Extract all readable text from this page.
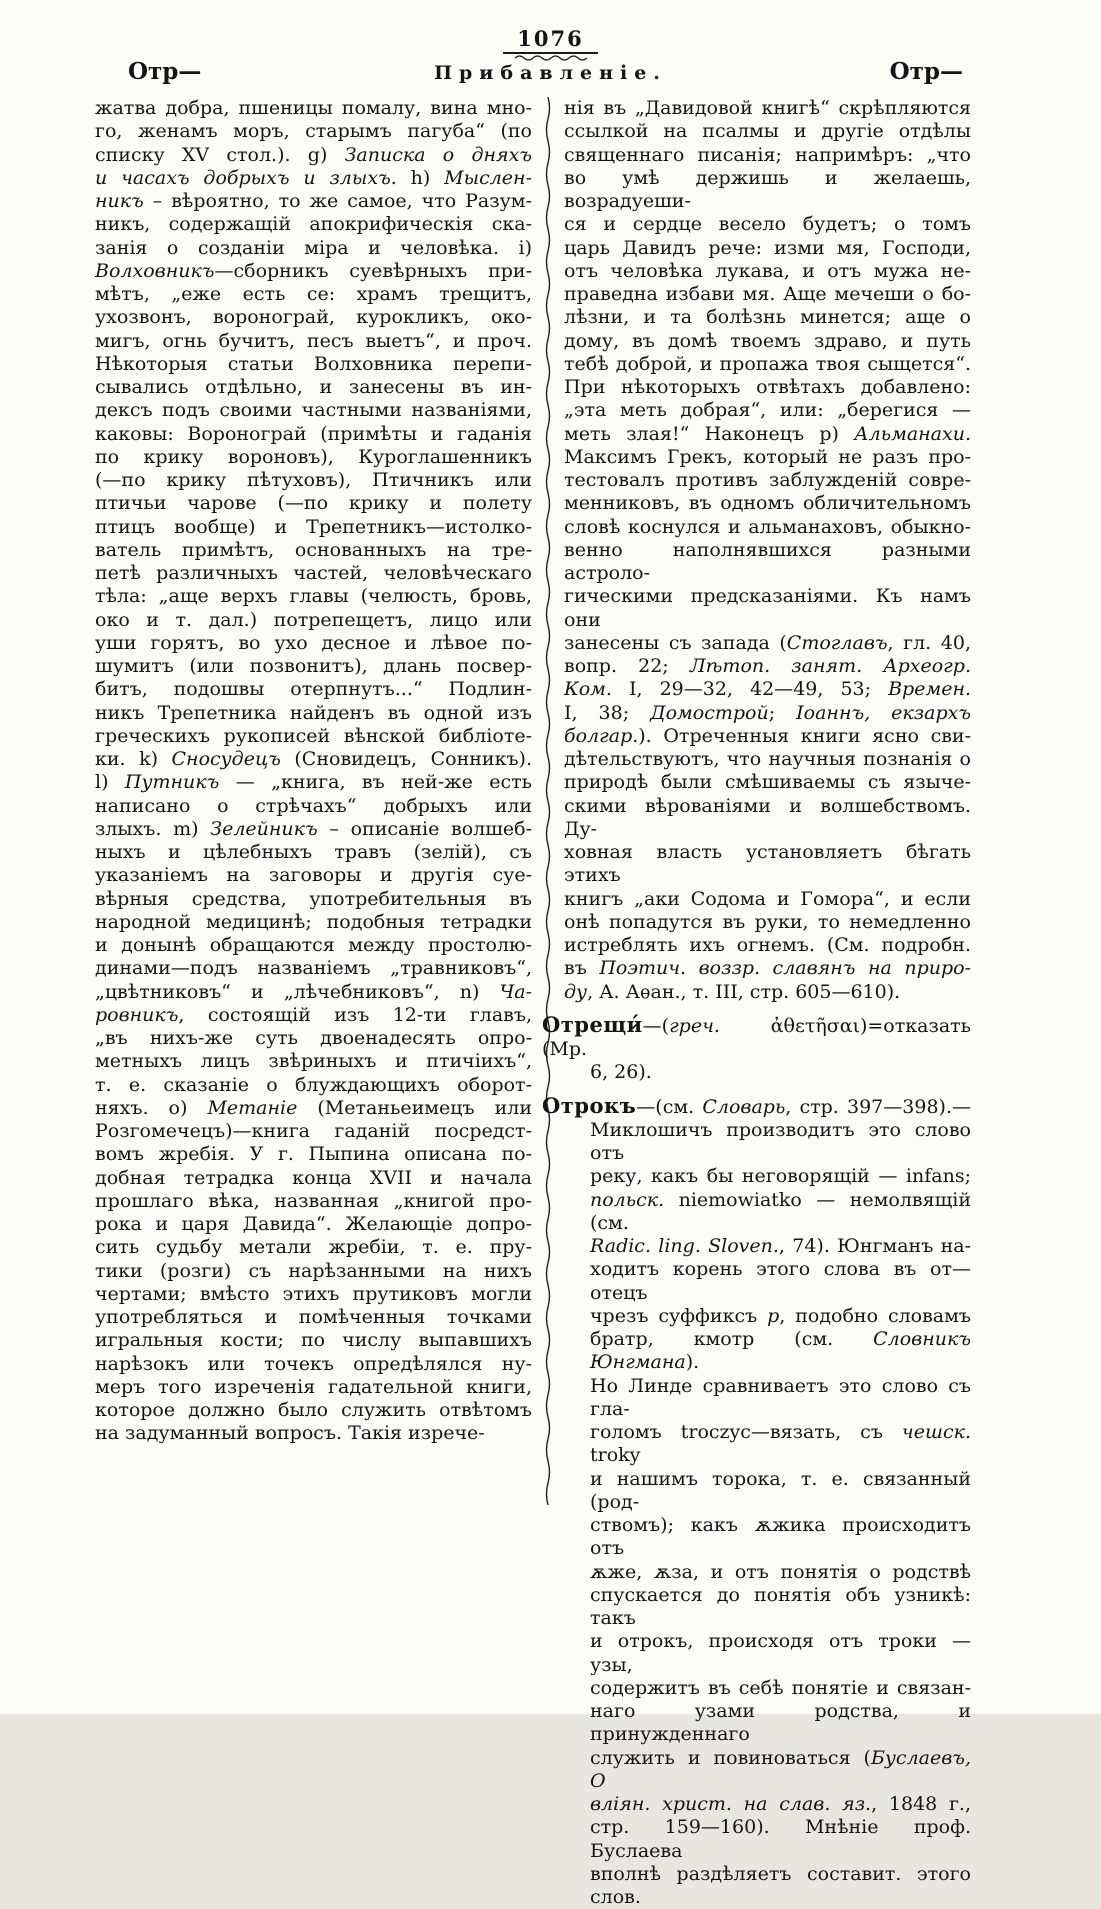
1076
Отр—	Прибавленіе.	Отр—
жатва добра, пшеницы помалу, вина мно-
го, женамъ моръ, старымъ пагуба“ (по
списку XV стол.). g) Записка о дняхъ
и часахъ добрыхъ и злыхъ. h) Мыслен-
никъ – вѣроятно, то же самое, что Разум-
никъ, содержащій апокрифическія ска-
занія о созданіи міра и человѣка. i)
Волховникъ—сборникъ суевѣрныхъ при-
мѣтъ, „еже есть се: храмъ трещитъ,
ухозвонъ, воронограй, курокликъ, око-
мигъ, огнь бучитъ, песъ выетъ“, и проч.
Нѣкоторыя статьи Волховника перепи-
сывались отдѣльно, и занесены въ ин-
дексъ подъ своими частными названіями,
каковы: Воронограй (примѣты и гаданія
по крику вороновъ), Куроглашенникъ
(—по крику пѣтуховъ), Птичникъ или
птичьи чарове (—по крику и полету
птицъ вообще) и Трепетникъ—истолко-
ватель примѣтъ, основанныхъ на тре-
петѣ различныхъ частей, человѣческаго
тѣла: „аще верхъ главы (челюсть, бровь,
око и т. дал.) потрепещетъ, лицо или
уши горятъ, во ухо десное и лѣвое по-
шумитъ (или позвонитъ), длань посвер-
битъ, подошвы отерпнутъ...“ Подлин-
никъ Трепетника найденъ въ одной изъ
греческихъ рукописей вѣнской библіоте-
ки. k) Сносудецъ (Сновидецъ, Сонникъ).
l) Путникъ — „книга, въ ней-же есть
написано о стрѣчахъ“ добрыхъ или
злыхъ. m) Зелейникъ – описаніе волшеб-
ныхъ и цѣлебныхъ травъ (зелій), съ
указаніемъ на заговоры и другія суе-
вѣрныя средства, употребительныя въ
народной медицинѣ; подобныя тетрадки
и донынѣ обращаются между простолю-
динами—подъ названіемъ „травниковъ“,
„цвѣтниковъ“ и „лѣчебниковъ“, n) Ча-
ровникъ, состоящій изъ 12-ти главъ,
„въ нихъ-же суть двоенадесять опро-
метныхъ лицъ звѣриныхъ и птичіихъ“,
т. е. сказаніе о блуждающихъ оборот-
няхъ. о) Метаніе (Метаньеимецъ или
Розгомечецъ)—книга гаданій посредст-
вомъ жребія. У г. Пыпина описана по-
добная тетрадка конца XVII и начала
прошлаго вѣка, названная „книгой про-
рока и царя Давида“. Желающіе допро-
сить судьбу метали жребіи, т. е. пру-
тики (розги) съ нарѣзанными на нихъ
чертами; вмѣсто этихъ прутиковъ могли
употребляться и помѣченныя точками
игральныя кости; по числу выпавшихъ
нарѣзокъ или точекъ опредѣлялся ну-
меръ того изреченія гадательной книги,
которое должно было служить отвѣтомъ
на задуманный вопросъ. Такія изрече-
нія въ „Давидовой книгѣ“ скрѣпляются
ссылкой на псалмы и другіе отдѣлы
священнаго писанія; напримѣръ: „что
во умѣ держишь и желаешь, возрадуеши-
ся и сердце весело будетъ; о томъ
царь Давидъ рече: изми мя, Господи,
отъ человѣка лукава, и отъ мужа не-
праведна избави мя. Аще мечеши о бо-
лѣзни, и та болѣзнь минется; аще о
дому, въ домѣ твоемъ здраво, и путь
тебѣ доброй, и пропажа твоя сыщется“.
При нѣкоторыхъ отвѣтахъ добавлено:
„эта меть добрая“, или: „берегися —
меть злая!“ Наконецъ p) Альманахи.
Максимъ Грекъ, который не разъ про-
тестовалъ противъ заблужденій совре-
менниковъ, въ одномъ обличительномъ
словѣ коснулся и альманаховъ, обыкно-
венно наполнявшихся разными астроло-
гическими предсказаніями. Къ намъ они
занесены съ запада (Стоглавъ, гл. 40,
вопр. 22; Лѣтоп. занят. Археогр.
Ком. I, 29—32, 42—49, 53; Времен.
I, 38; Домострой; Іоаннъ, екзархъ
болгар.). Отреченныя книги ясно сви-
дѣтельствуютъ, что научныя познанія о
природѣ были смѣшиваемы съ языче-
скими вѣрованіями и волшебствомъ. Ду-
ховная власть установляетъ бѣгать этихъ
книгъ „аки Содома и Гомора“, и если
онѣ попадутся въ руки, то немедленно
истреблять ихъ огнемъ. (См. подробн.
въ Поэтич. воззр. славянъ на приро-
ду, А. Аѳан., т. III, стр. 605—610).
Отрещи́—(греч. ἀθετῆσαι)=отказать (Мр.
6, 26).
Отрокъ—(см. Словарь, стр. 397—398).—
Миклошичъ производитъ это слово отъ
реку, какъ бы неговорящій — infans;
польск. niemowiatko — немолвящій (см.
Radic. ling. Sloven., 74). Юнгманъ на-
ходитъ корень этого слова въ от—отецъ
чрезъ суффиксъ р, подобно словамъ
братр, кмотр (см. Словникъ Юнгмана).
Но Линде сравниваетъ это слово съ гла-
голомъ troczyc—вязать, съ чешск. troky
и нашимъ торока, т. е. связанный (род-
ствомъ); какъ ѫжика происходитъ отъ
ѫже, ѫза, и отъ понятія о родствѣ
спускается до понятія объ узникѣ: такъ
и отрокъ, происходя отъ троки — узы,
содержитъ въ себѣ понятіе и связан-
наго узами родства, и принужденнаго
служить и повиноваться (Буслаевъ, О
вліян. христ. на слав. яз., 1848 г.,
стр. 159—160). Мнѣніе проф. Буслаева
вполнѣ раздѣляетъ составит. этого слов.
